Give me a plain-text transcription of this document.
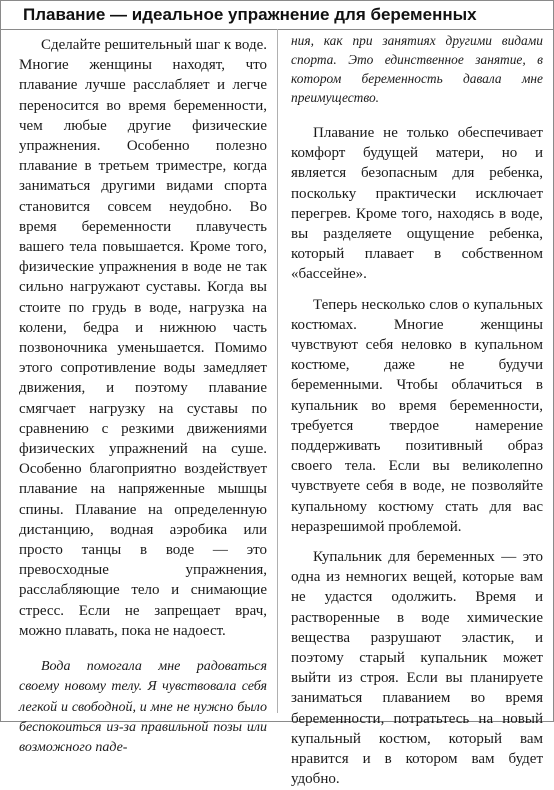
Плавание — идеальное упражнение для беременных

Сделайте решительный шаг к воде. Многие женщины находят, что плавание лучше расслабляет и легче переносится во время беременности, чем любые другие физические упражнения. Особенно полезно плавание в третьем триместре, когда заниматься другими видами спорта становится совсем неудобно. Во время беременности плавучесть вашего тела повышается. Кроме того, физические упражнения в воде не так сильно нагружают суставы. Когда вы стоите по грудь в воде, нагрузка на колени, бедра и нижнюю часть позвоночника уменьшается. Помимо этого сопротивление воды замедляет движения, и поэтому плавание смягчает нагрузку на суставы по сравнению с резкими движениями физических упражнений на суше. Особенно благоприятно воздействует плавание на напряженные мышцы спины. Плавание на определенную дистанцию, водная аэробика или просто танцы в воде — это превосходные упражнения, расслабляющие тело и снимающие стресс. Если не запрещает врач, можно плавать, пока не надоест.

Вода помогала мне радоваться своему новому телу. Я чувствовала себя легкой и свободной, и мне не нужно было беспокоиться из-за правильной позы или возможного паде-

ния, как при занятиях другими видами спорта. Это единственное занятие, в котором беременность давала мне преимущество.

Плавание не только обеспечивает комфорт будущей матери, но и является безопасным для ребенка, поскольку практически исключает перегрев. Кроме того, находясь в воде, вы разделяете ощущение ребенка, который плавает в собственном «бассейне».

Теперь несколько слов о купальных костюмах. Многие женщины чувствуют себя неловко в купальном костюме, даже не будучи беременными. Чтобы облачиться в купальник во время беременности, требуется твердое намерение поддерживать позитивный образ своего тела. Если вы великолепно чувствуете себя в воде, не позволяйте купальному костюму стать для вас неразрешимой проблемой.

Купальник для беременных — это одна из немногих вещей, которые вам не удастся одолжить. Время и растворенные в воде химические вещества разрушают эластик, и поэтому старый купальник может выйти из строя. Если вы планируете заниматься плаванием во время беременности, потратьтесь на новый купальный костюм, который вам нравится и в котором вам будет удобно.
